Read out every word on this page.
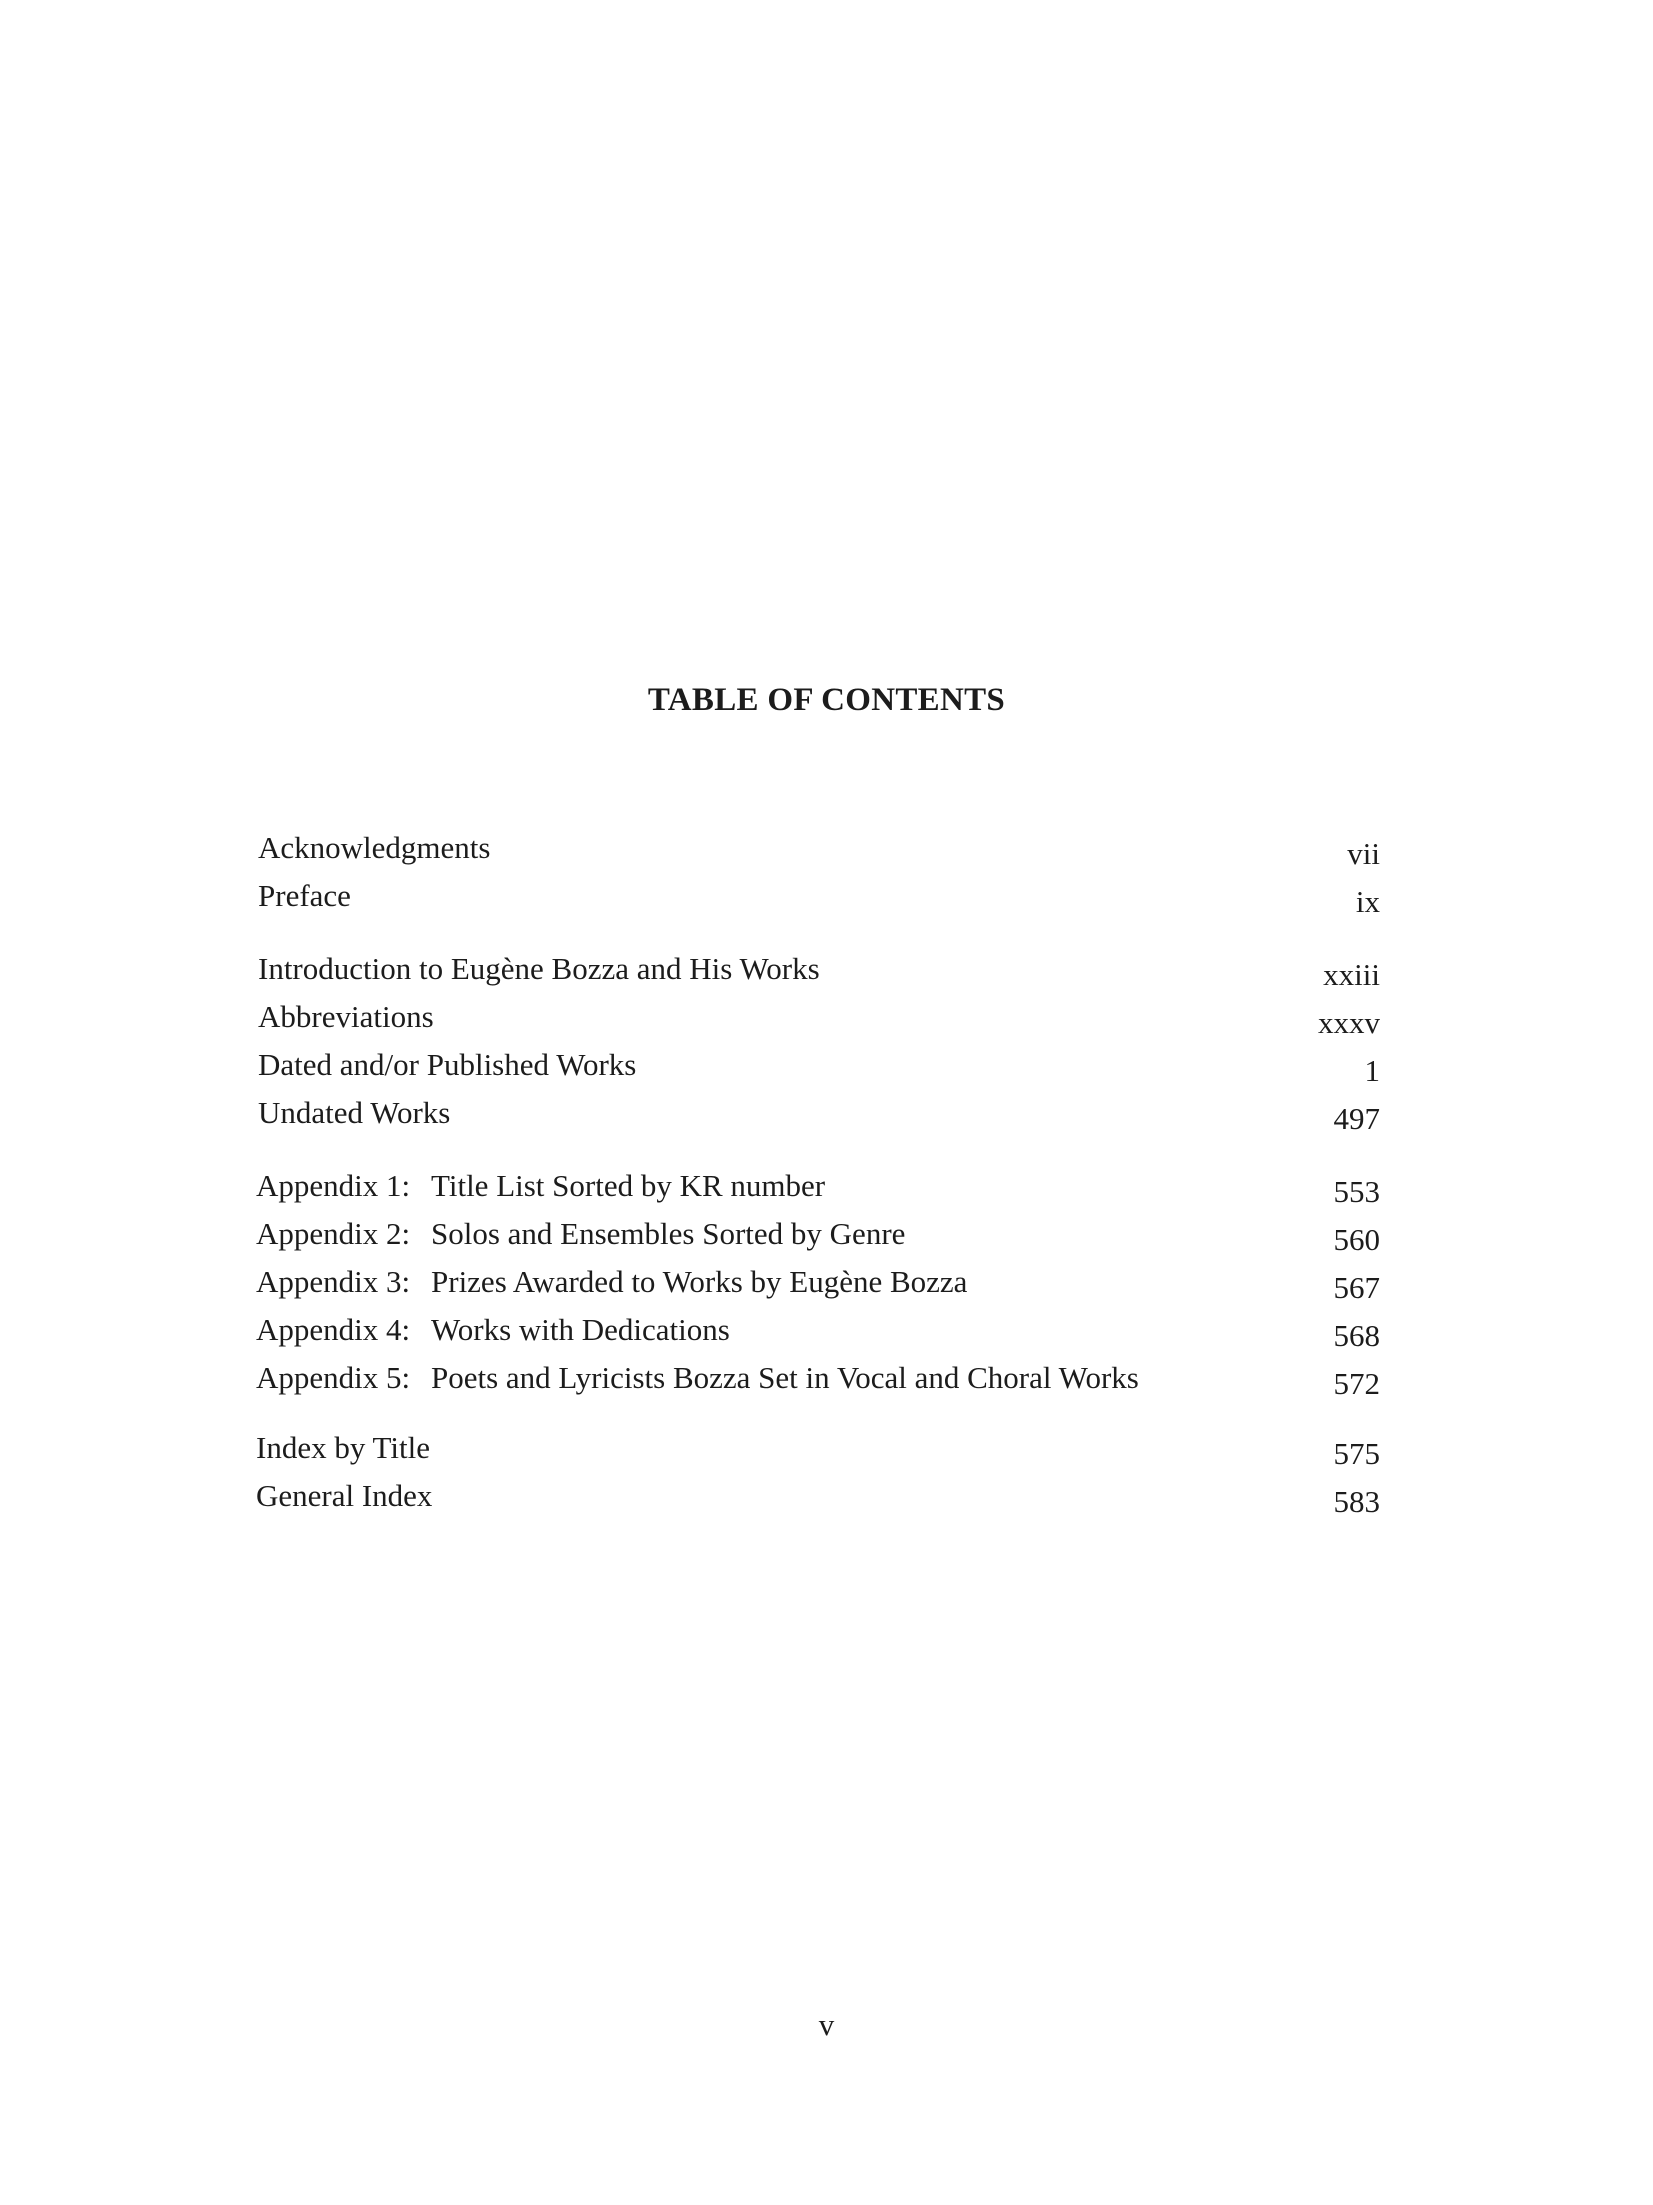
TABLE OF CONTENTS
Acknowledgments	vii
Preface	ix
Introduction to Eugène Bozza and His Works	xxiii
Abbreviations	xxxv
Dated and/or Published Works	1
Undated Works	497
Appendix 1: Title List Sorted by KR number	553
Appendix 2: Solos and Ensembles Sorted by Genre	560
Appendix 3: Prizes Awarded to Works by Eugène Bozza	567
Appendix 4: Works with Dedications	568
Appendix 5: Poets and Lyricists Bozza Set in Vocal and Choral Works	572
Index by Title	575
General Index	583
v
